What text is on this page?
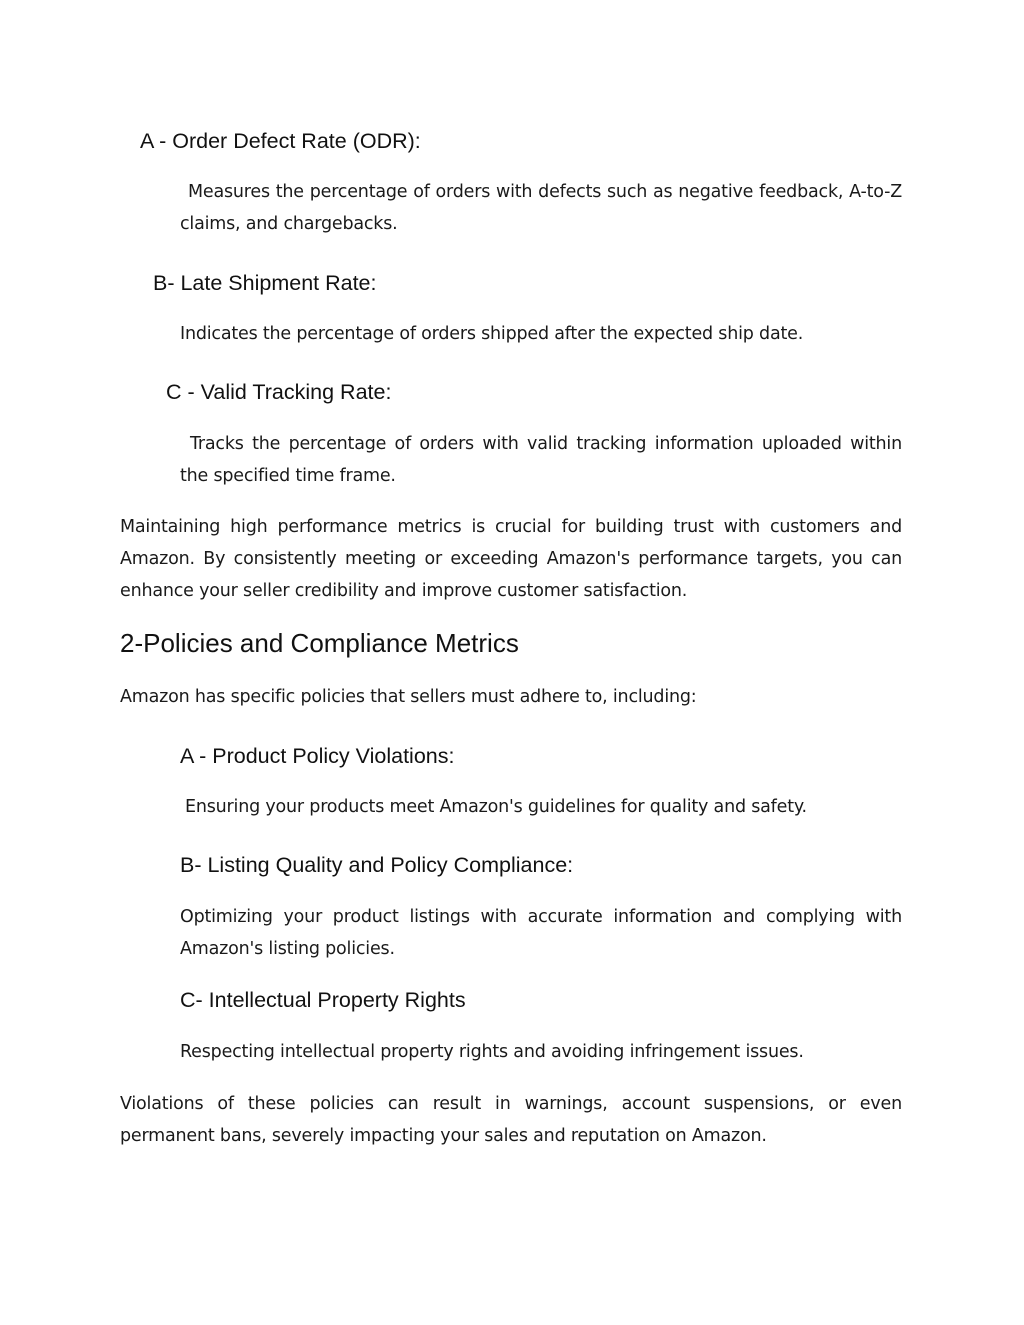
A - Order Defect Rate (ODR):

Measures the percentage of orders with defects such as negative feedback, A-to-Z claims, and chargebacks.

B- Late Shipment Rate:

Indicates the percentage of orders shipped after the expected ship date.

C - Valid Tracking Rate:

Tracks the percentage of orders with valid tracking information uploaded within the specified time frame.

Maintaining high performance metrics is crucial for building trust with customers and Amazon. By consistently meeting or exceeding Amazon's performance targets, you can enhance your seller credibility and improve customer satisfaction.

2-Policies and Compliance Metrics

Amazon has specific policies that sellers must adhere to, including:

A - Product Policy Violations:

Ensuring your products meet Amazon's guidelines for quality and safety.

B- Listing Quality and Policy Compliance:

Optimizing your product listings with accurate information and complying with Amazon's listing policies.

C- Intellectual Property Rights

Respecting intellectual property rights and avoiding infringement issues.

Violations of these policies can result in warnings, account suspensions, or even permanent bans, severely impacting your sales and reputation on Amazon.
